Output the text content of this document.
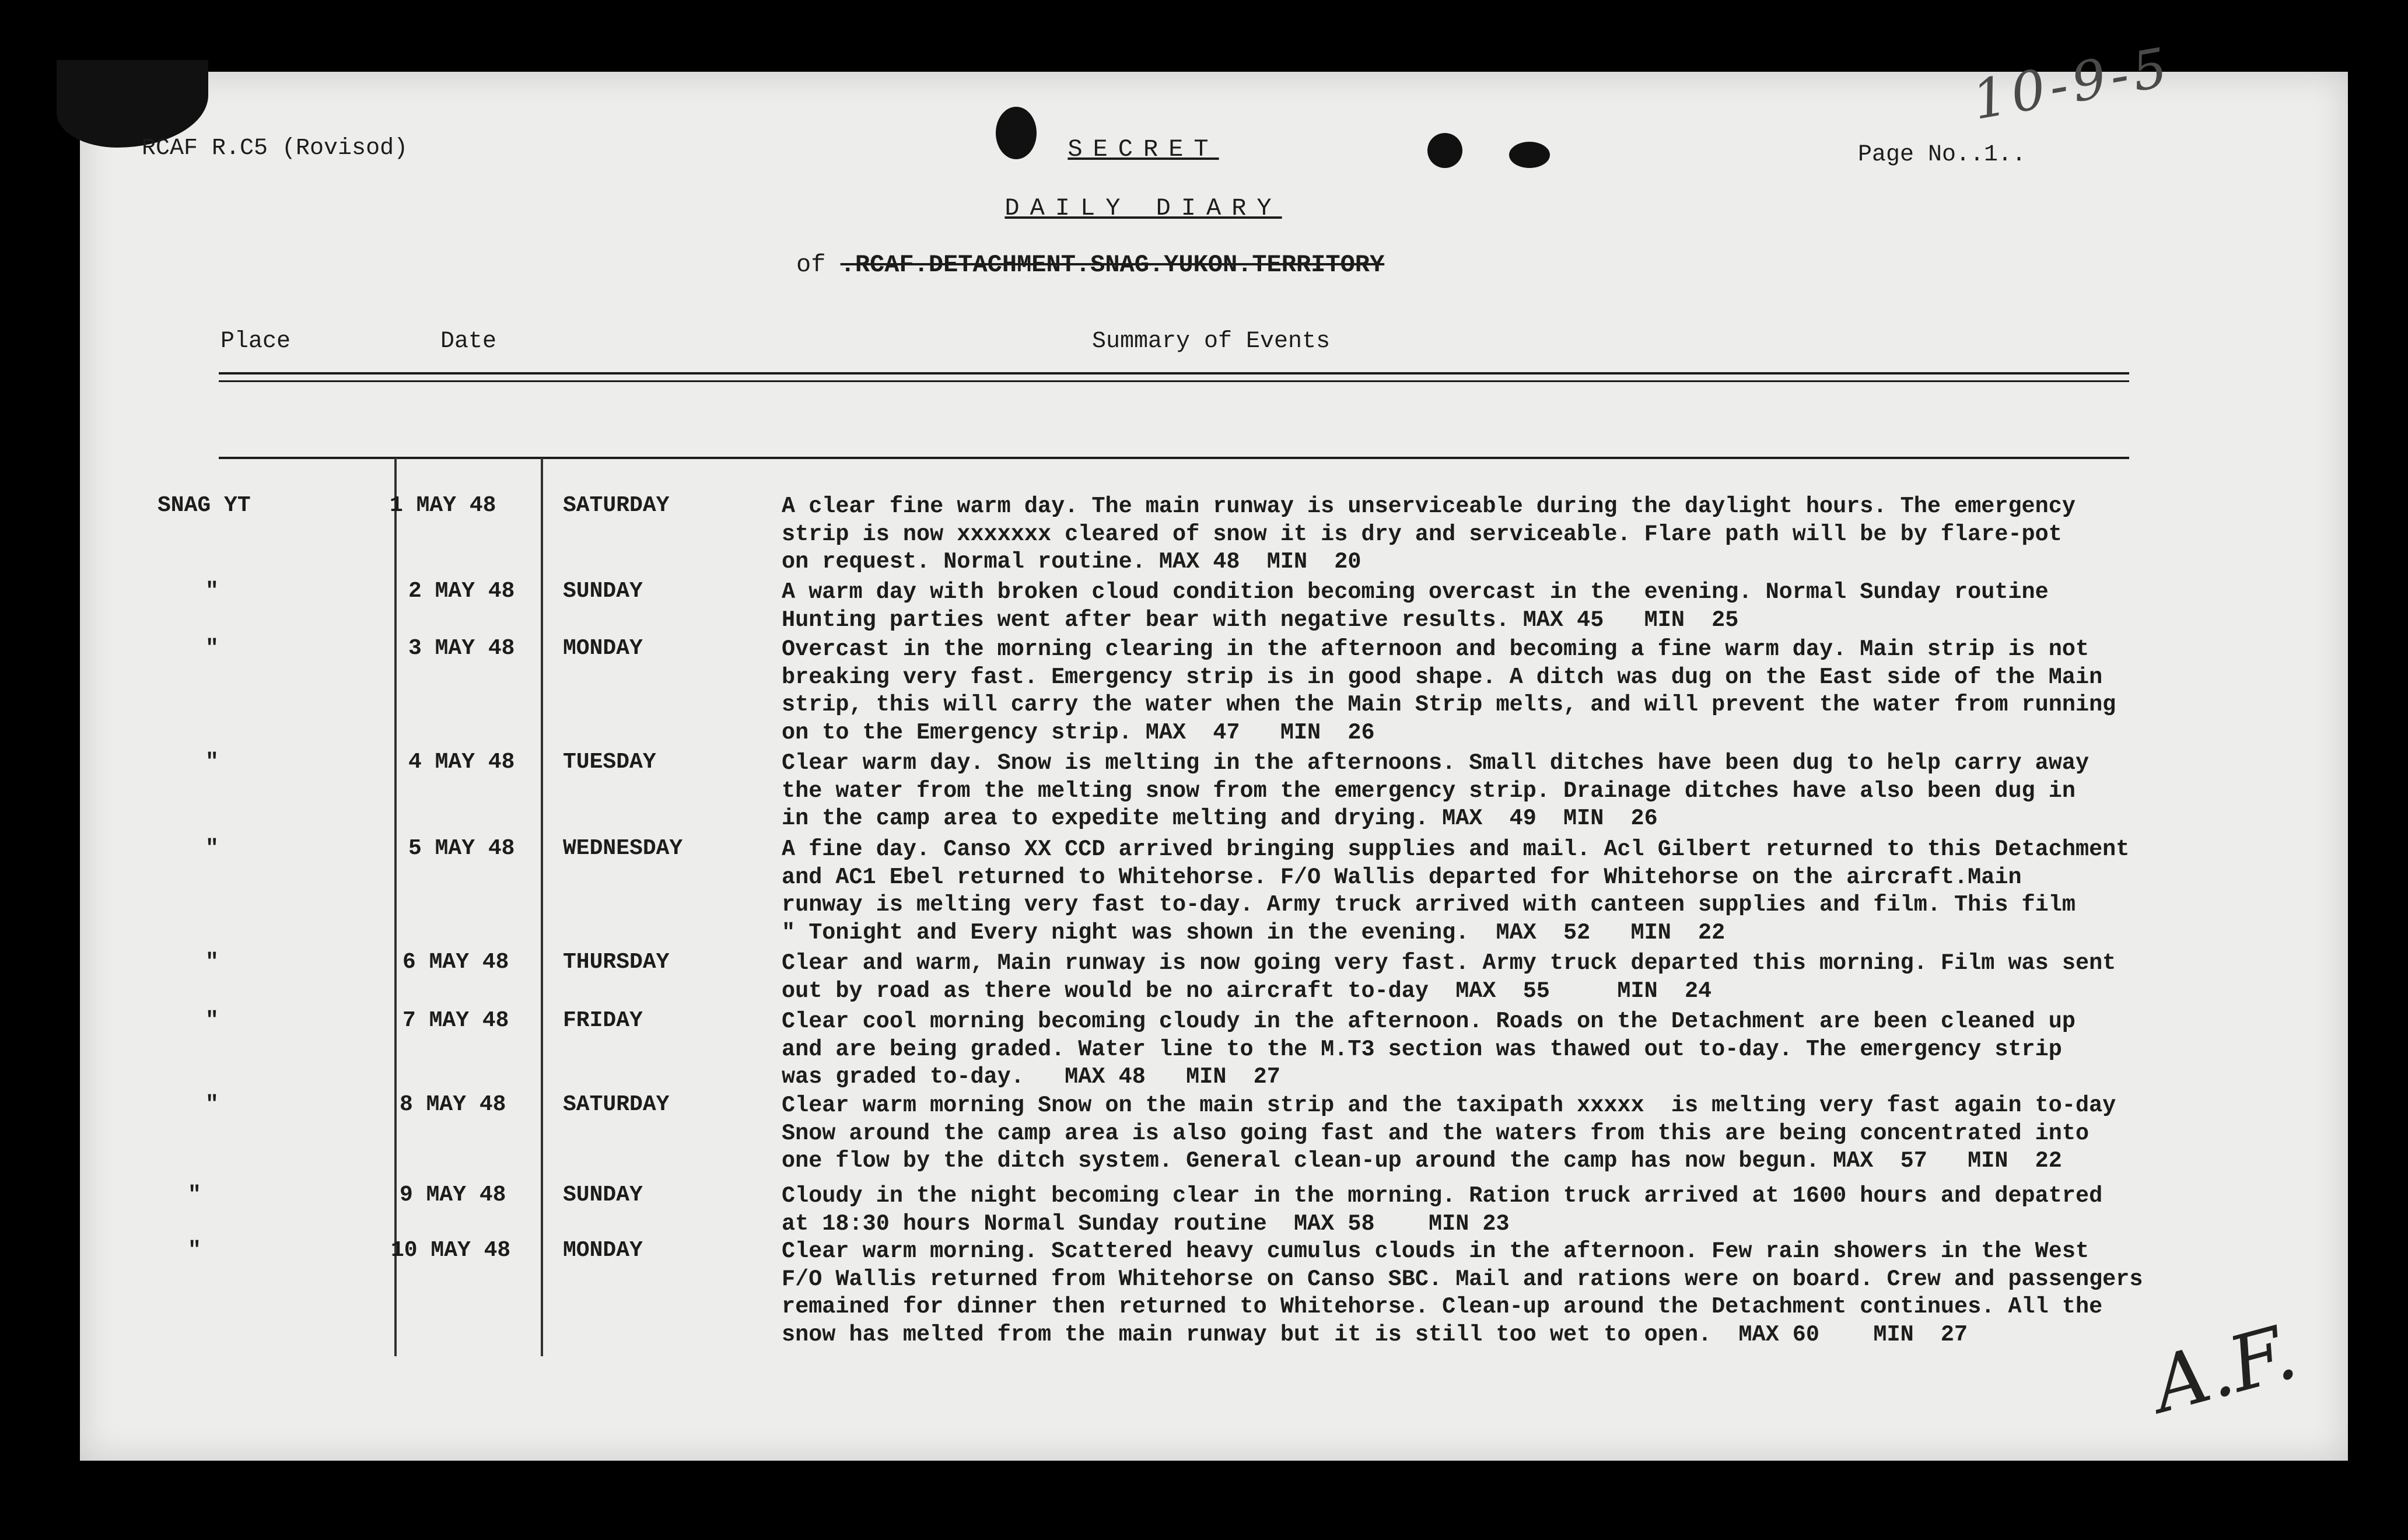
RCAF R.C5 (Rovisod)	SECRET
DAILY DIARY
of .RCAF.DETACHMENT.SNAG.YUKON.TERRITORY
Page No..1..
10-9-5
Place	Date	Summary of Events
SNAG YT	1 MAY 48	SATURDAY	A clear fine warm day. The main runway is unserviceable during the daylight hours. The emergency
strip is now xxxxxxx cleared of snow it is dry and serviceable. Flare path will be by flare-pot
on request. Normal routine. MAX 48  MIN  20
"	2 MAY 48 SUNDAY	A warm day with broken cloud condition becoming overcast in the evening. Normal Sunday routine
Hunting parties went after bear with negative results. MAX 45   MIN  25
"	3 MAY 48 MONDAY	Overcast in the morning clearing in the afternoon and becoming a fine warm day. Main strip is not
breaking very fast. Emergency strip is in good shape. A ditch was dug on the East side of the Main
strip, this will carry the water when the Main Strip melts, and will prevent the water from running
on to the Emergency strip. MAX  47   MIN  26
"	4 MAY 48 TUESDAY	Clear warm day. Snow is melting in the afternoons. Small ditches have been dug to help carry away
the water from the melting snow from the emergency strip. Drainage ditches have also been dug in
in the camp area to expedite melting and drying. MAX  49  MIN  26
"	5 MAY 48 WEDNESDAY	A fine day. Canso XX CCD arrived bringing supplies and mail. Acl Gilbert returned to this Detachment
and AC1 Ebel returned to Whitehorse. F/O Wallis departed for Whitehorse on the aircraft.Main
runway is melting very fast to-day. Army truck arrived with canteen supplies and film. This film
" Tonight and Every night was shown in the evening.  MAX  52   MIN  22
"	6 MAY 48 THURSDAY	Clear and warm, Main runway is now going very fast. Army truck departed this morning. Film was sent
out by road as there would be no aircraft to-day  MAX  55     MIN  24
"	7 MAY 48 FRIDAY	Clear cool morning becoming cloudy in the afternoon. Roads on the Detachment are been cleaned up
and are being graded. Water line to the M.T3 section was thawed out to-day. The emergency strip
was graded to-day.   MAX 48   MIN  27
"	8 MAY 48	SATURDAY	Clear warm morning Snow on the main strip and the taxipath xxxxx  is melting very fast again to-day
Snow around the camp area is also going fast and the waters from this are being concentrated into
one flow by the ditch system. General clean-up around the camp has now begun. MAX  57   MIN  22
"	9 MAY 48	SUNDAY	Cloudy in the night becoming clear in the morning. Ration truck arrived at 1600 hours and depatred
at 18:30 hours Normal Sunday routine  MAX 58    MIN 23
"	10 MAY 48 MONDAY	Clear warm morning. Scattered heavy cumulus clouds in the afternoon. Few rain showers in the West
F/O Wallis returned from Whitehorse on Canso SBC. Mail and rations were on board. Crew and passengers
remained for dinner then returned to Whitehorse. Clean-up around the Detachment continues. All the
snow has melted from the main runway but it is still too wet to open.  MAX 60    MIN  27	A.F.
